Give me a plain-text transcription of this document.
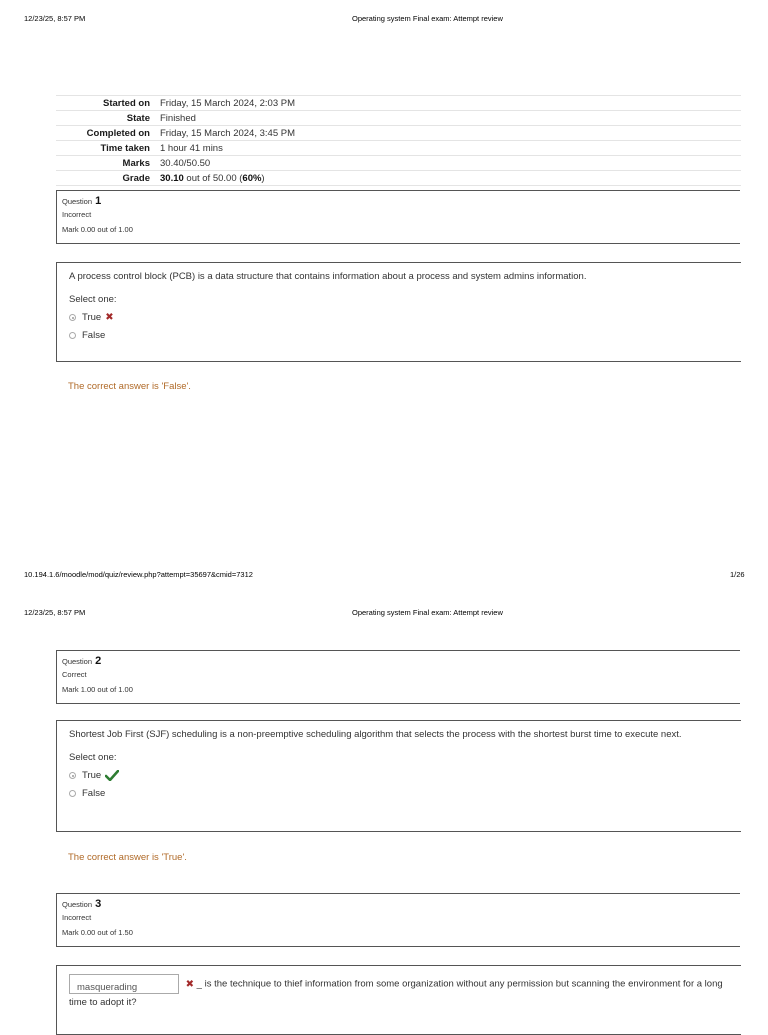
12/23/25, 8:57 PM	Operating system Final exam: Attempt review
Started on	Friday, 15 March 2024, 2:03 PM
State	Finished
Completed on	Friday, 15 March 2024, 3:45 PM
Time taken	1 hour 41 mins
Marks	30.40/50.50
Grade	30.10 out of 50.00 (60%)
Question 1
Incorrect
Mark 0.00 out of 1.00
A process control block (PCB) is a data structure that contains information about a process and system admins information.
Select one:
True ✖
False
The correct answer is 'False'.
10.194.1.6/moodle/mod/quiz/review.php?attempt=35697&cmid=7312	1/26
12/23/25, 8:57 PM	Operating system Final exam: Attempt review
Question 2
Correct
Mark 1.00 out of 1.00
Shortest Job First (SJF) scheduling is a non-preemptive scheduling algorithm that selects the process with the shortest burst time to execute next.
Select one:
True
False
The correct answer is 'True'.
Question 3
Incorrect
Mark 0.00 out of 1.50
masquerading	✖ _ is the technique to thief information from some organization without any permission but scanning the environment for a long time to adopt it?
